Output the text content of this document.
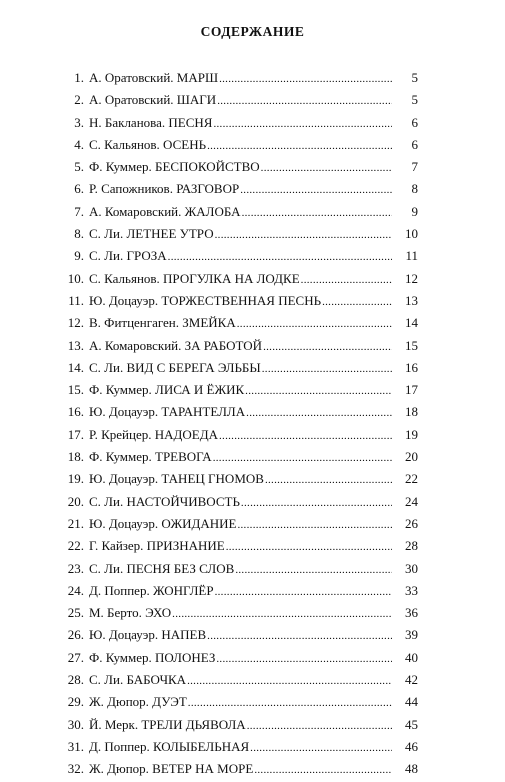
СОДЕРЖАНИЕ
1. А. Оратовский. МАРШ .....	5
2. А. Оратовский. ШАГИ .....	5
3. Н. Бакланова. ПЕСНЯ .....	6
4. С. Кальянов. ОСЕНЬ .....	6
5. Ф. Куммер. БЕСПОКОЙСТВО .....	7
6. Р. Сапожников. РАЗГОВОР .....	8
7. А. Комаровский. ЖАЛОБА .....	9
8. С. Ли. ЛЕТНЕЕ УТРО .....	10
9. С. Ли. ГРОЗА .....	11
10. С. Кальянов. ПРОГУЛКА НА ЛОДКЕ .....	12
11. Ю. Доцауэр. ТОРЖЕСТВЕННАЯ ПЕСНЬ .....	13
12. В. Фитценгаген. ЗМЕЙКА .....	14
13. А. Комаровский. ЗА РАБОТОЙ .....	15
14. С. Ли. ВИД С БЕРЕГА ЭЛЬБЫ .....	16
15. Ф. Куммер. ЛИСА И ЁЖИК .....	17
16. Ю. Доцауэр. ТАРАНТЕЛЛА .....	18
17. Р. Крейцер. НАДОЕДА .....	19
18. Ф. Куммер. ТРЕВОГА .....	20
19. Ю. Доцауэр. ТАНЕЦ ГНОМОВ .....	22
20. С. Ли. НАСТОЙЧИВОСТЬ .....	24
21. Ю. Доцауэр. ОЖИДАНИЕ .....	26
22. Г. Кайзер. ПРИЗНАНИЕ .....	28
23. С. Ли. ПЕСНЯ БЕЗ СЛОВ .....	30
24. Д. Поппер. ЖОНГЛЁР .....	33
25. М. Берто. ЭХО .....	36
26. Ю. Доцауэр. НАПЕВ .....	39
27. Ф. Куммер. ПОЛОНЕЗ .....	40
28. С. Ли. БАБОЧКА .....	42
29. Ж. Дюпор. ДУЭТ .....	44
30. Й. Мерк. ТРЕЛИ ДЬЯВОЛА .....	45
31. Д. Поппер. КОЛЫБЕЛЬНАЯ .....	46
32. Ж. Дюпор. ВЕТЕР НА МОРЕ .....	48
